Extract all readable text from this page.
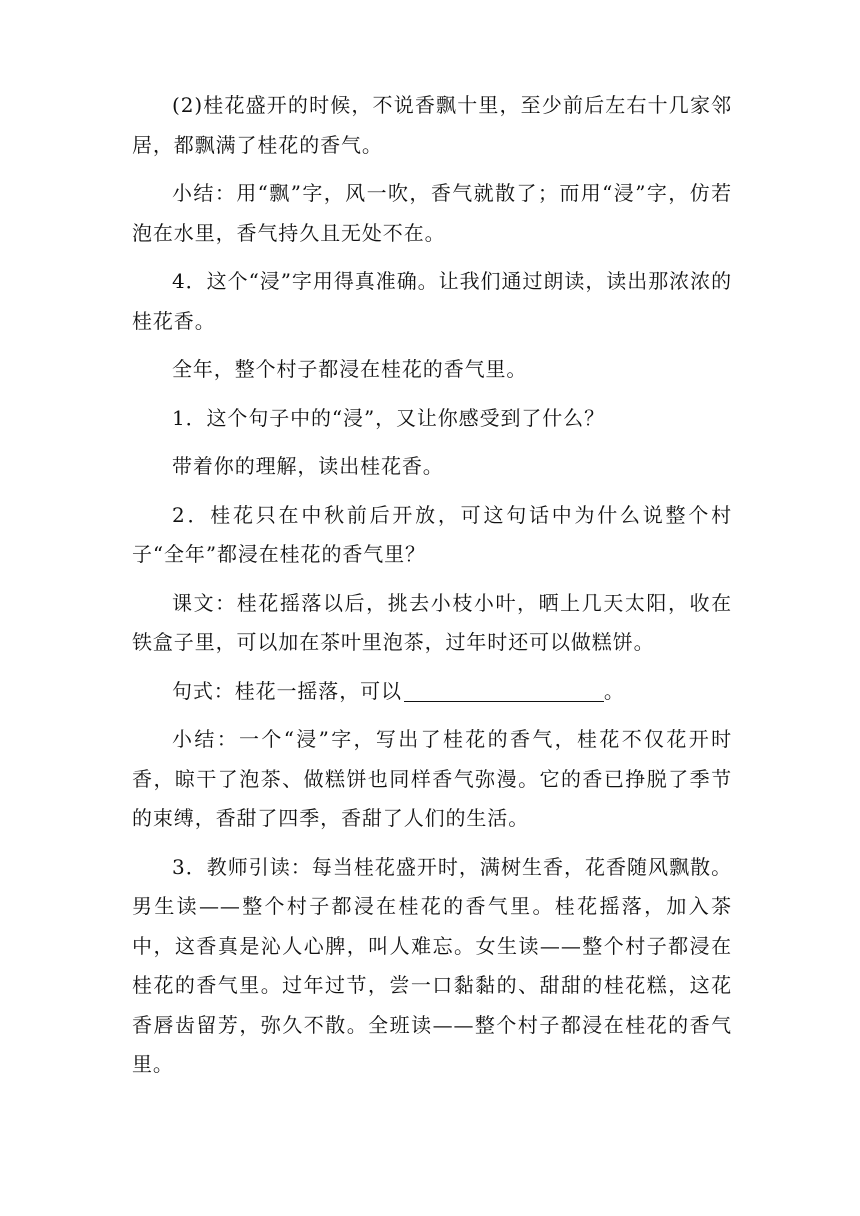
(2)桂花盛开的时候，不说香飘十里，至少前后左右十几家邻居，都飘满了桂花的香气。

小结：用“飘”字，风一吹，香气就散了；而用“浸”字，仿若泡在水里，香气持久且无处不在。

4．这个“浸”字用得真准确。让我们通过朗读，读出那浓浓的桂花香。

全年，整个村子都浸在桂花的香气里。

1．这个句子中的“浸”，又让你感受到了什么？

带着你的理解，读出桂花香。

2．桂花只在中秋前后开放，可这句话中为什么说整个村子“全年”都浸在桂花的香气里？

课文：桂花摇落以后，挑去小枝小叶，晒上几天太阳，收在铁盒子里，可以加在茶叶里泡茶，过年时还可以做糕饼。

句式：桂花一摇落，可以	。

小结：一个“浸”字，写出了桂花的香气，桂花不仅花开时香，晾干了泡茶、做糕饼也同样香气弥漫。它的香已挣脱了季节的束缚，香甜了四季，香甜了人们的生活。

3．教师引读：每当桂花盛开时，满树生香，花香随风飘散。男生读——整个村子都浸在桂花的香气里。桂花摇落，加入茶中，这香真是沁人心脾，叫人难忘。女生读——整个村子都浸在桂花的香气里。过年过节，尝一口黏黏的、甜甜的桂花糕，这花香唇齿留芳，弥久不散。全班读——整个村子都浸在桂花的香气里。
